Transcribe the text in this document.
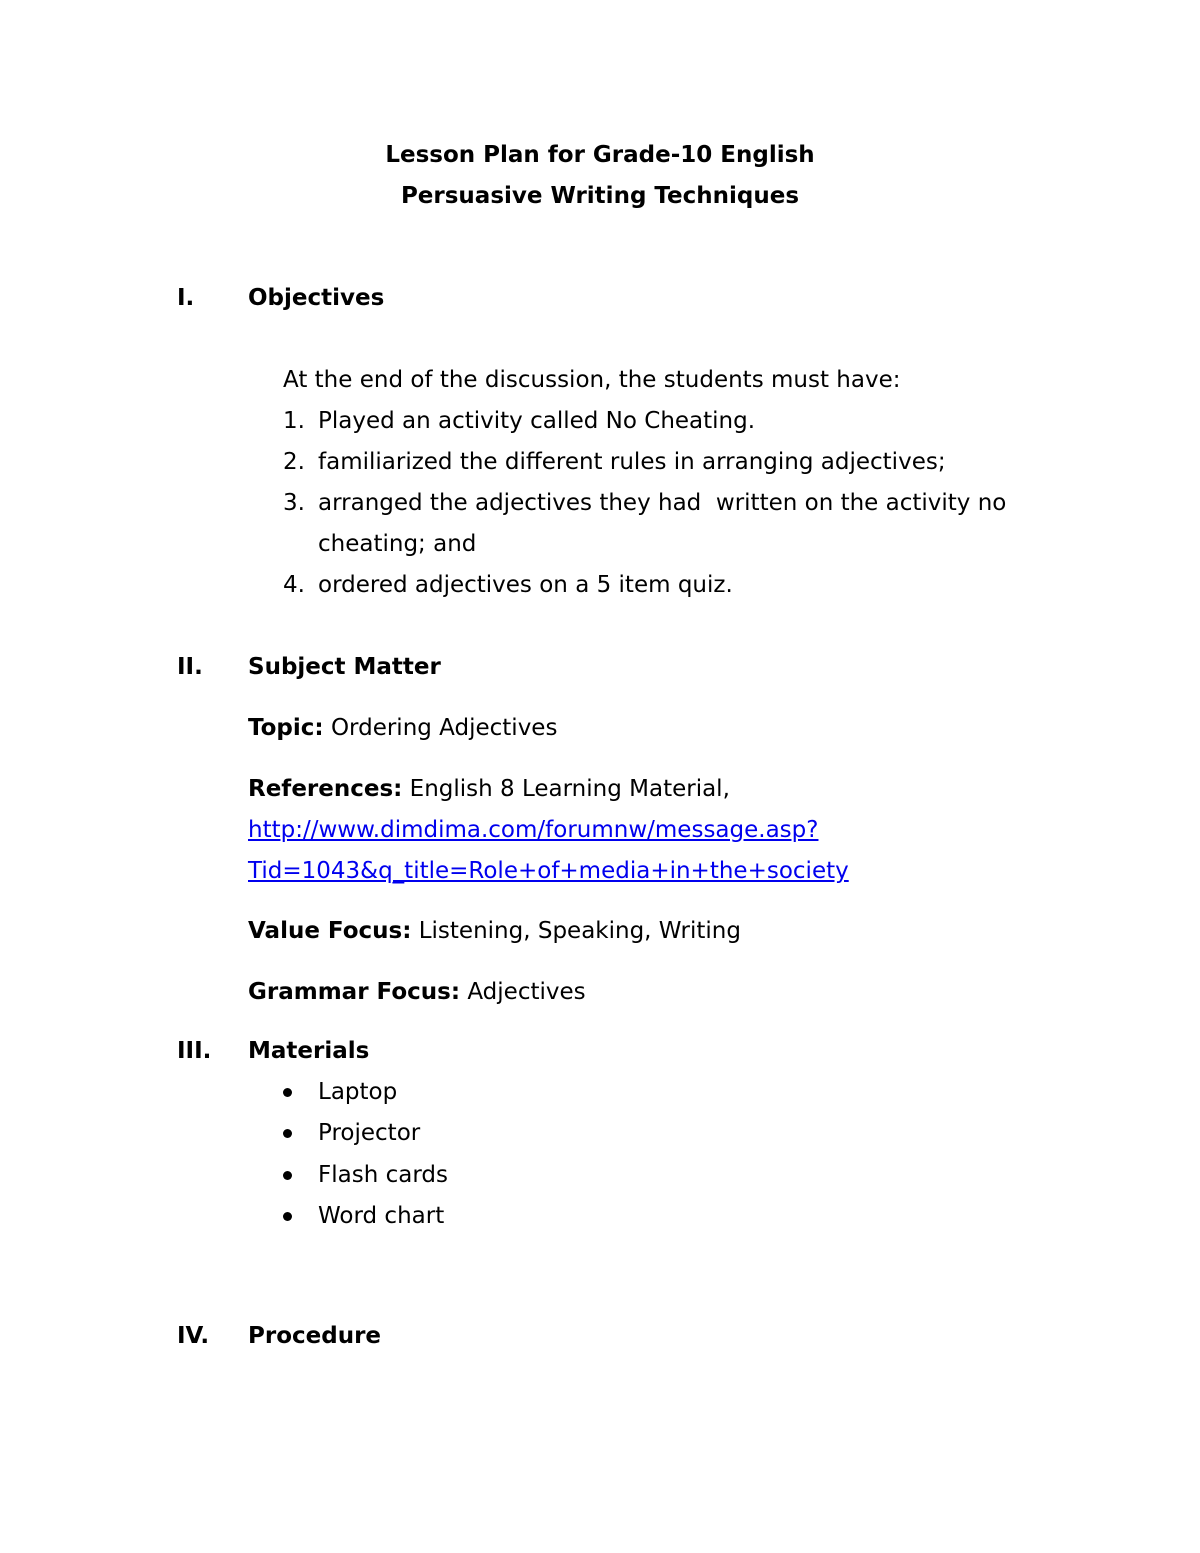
Lesson Plan for Grade-10 English
Persuasive Writing Techniques
I. Objectives
At the end of the discussion, the students must have:
1. Played an activity called No Cheating.
2. familiarized the different rules in arranging adjectives;
3. arranged the adjectives they had  written on the activity no
cheating; and
4. ordered adjectives on a 5 item quiz.
II. Subject Matter
Topic: Ordering Adjectives
References: English 8 Learning Material,
http://www.dimdima.com/forumnw/message.asp?
Tid=1043&q_title=Role+of+media+in+the+society
Value Focus: Listening, Speaking, Writing
Grammar Focus: Adjectives
III. Materials
Laptop
Projector
Flash cards
Word chart
IV. Procedure
